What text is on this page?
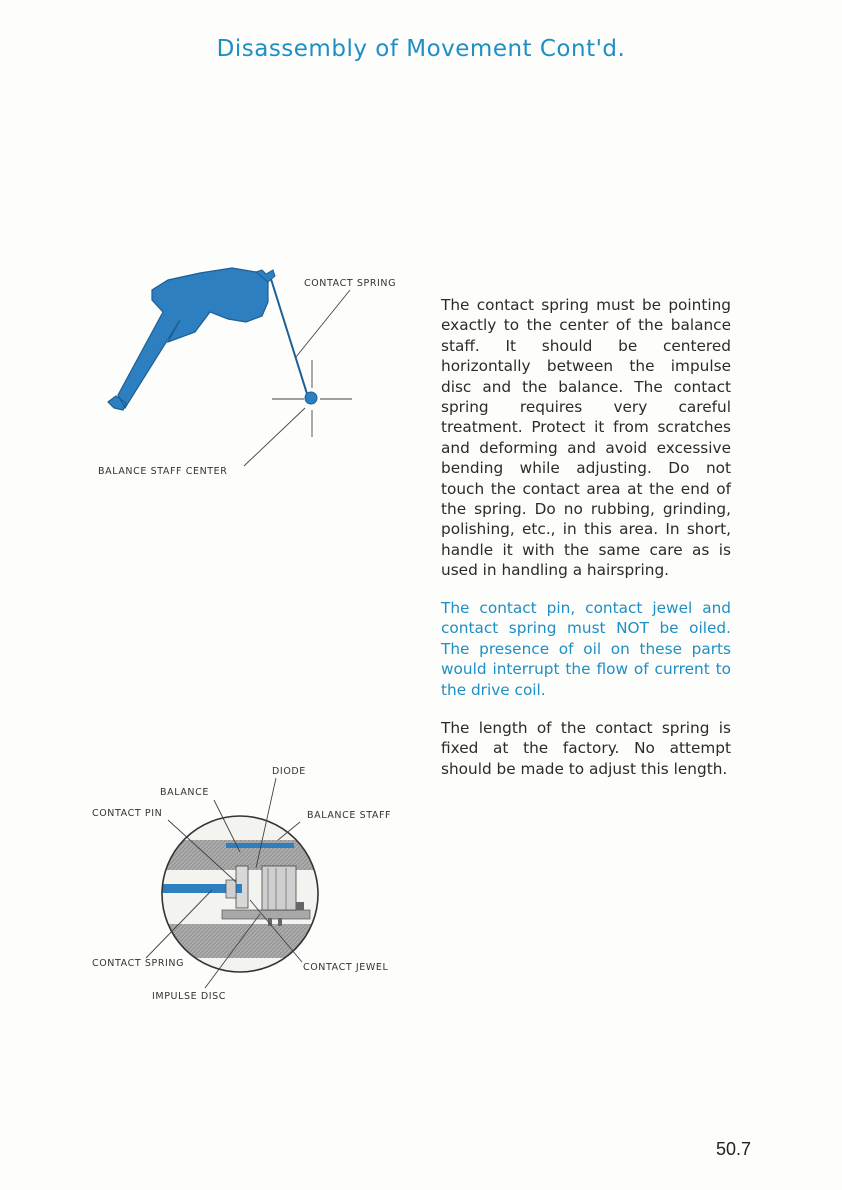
Disassembly of Movement Cont'd.
CONTACT SPRING
BALANCE STAFF CENTER
DIODE
BALANCE
CONTACT PIN	BALANCE STAFF
CONTACT SPRING	CONTACT JEWEL
IMPULSE DISC

The contact spring must be pointing exactly to the center of the balance staff. It should be centered horizontally between the impulse disc and the balance. The contact spring requires very careful treatment. Protect it from scratches and deforming and avoid excessive bending while adjusting. Do not touch the contact area at the end of the spring. Do no rubbing, grinding, polishing, etc., in this area. In short, handle it with the same care as is used in handling a hairspring.

The contact pin, contact jewel and contact spring must NOT be oiled. The presence of oil on these parts would interrupt the flow of current to the drive coil.

The length of the contact spring is fixed at the factory. No attempt should be made to adjust this length.

50.7
